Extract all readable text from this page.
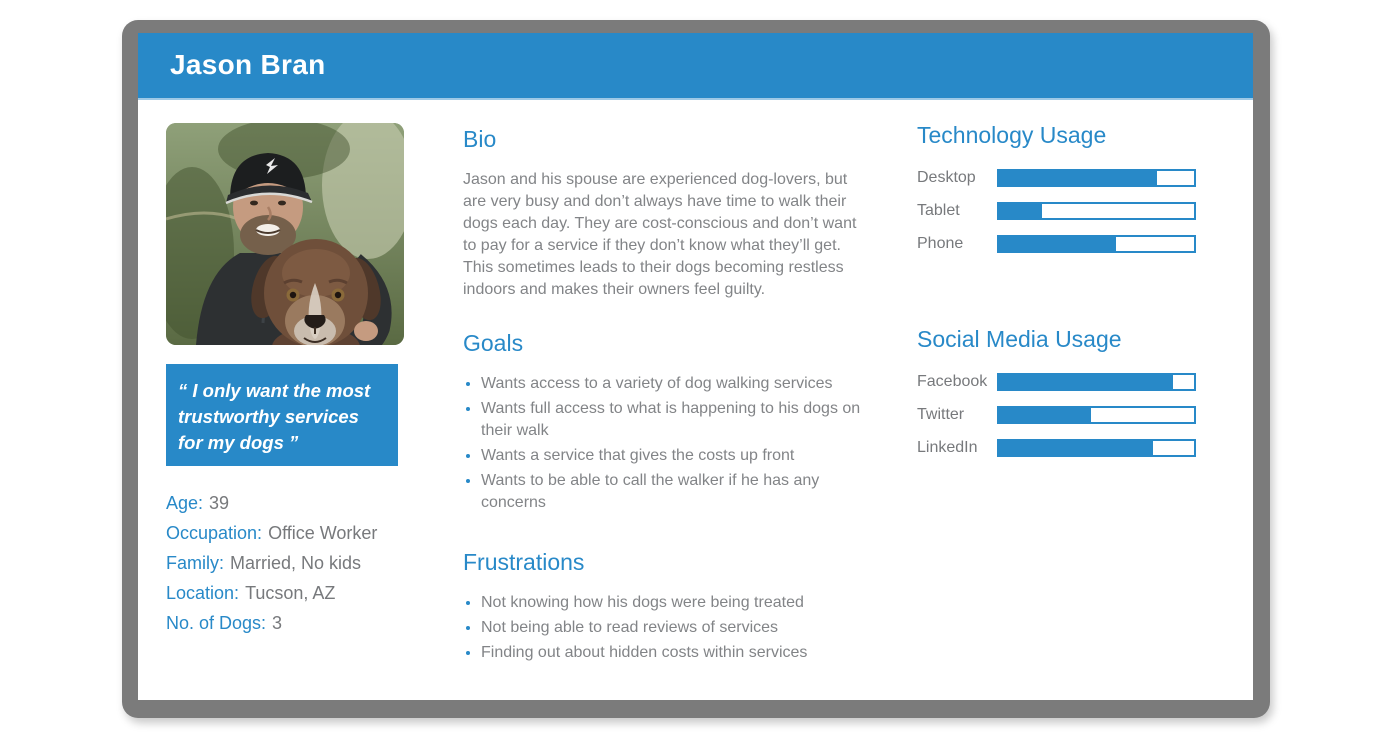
Jason Bran
“ I only want the most trustworthy services for my dogs ”
Age: 39
Occupation: Office Worker
Family: Married, No kids
Location: Tucson, AZ
No. of Dogs: 3
Bio

Jason and his spouse are experienced dog-lovers, but are very busy and don’t always have time to walk their dogs each day. They are cost-conscious and don’t want to pay for a service if they don’t know what they’ll get. This sometimes leads to their dogs becoming restless indoors and makes their owners feel guilty.

Goals
• Wants access to a variety of dog walking services
• Wants full access to what is happening to his dogs on their walk
• Wants a service that gives the costs up front
• Wants to be able to call the walker if he has any concerns
Frustrations
• Not knowing how his dogs were being treated
• Not being able to read reviews of services
• Finding out about hidden costs within services
Technology Usage
Desktop
Tablet
Phone
Social Media Usage
Facebook
Twitter
LinkedIn
